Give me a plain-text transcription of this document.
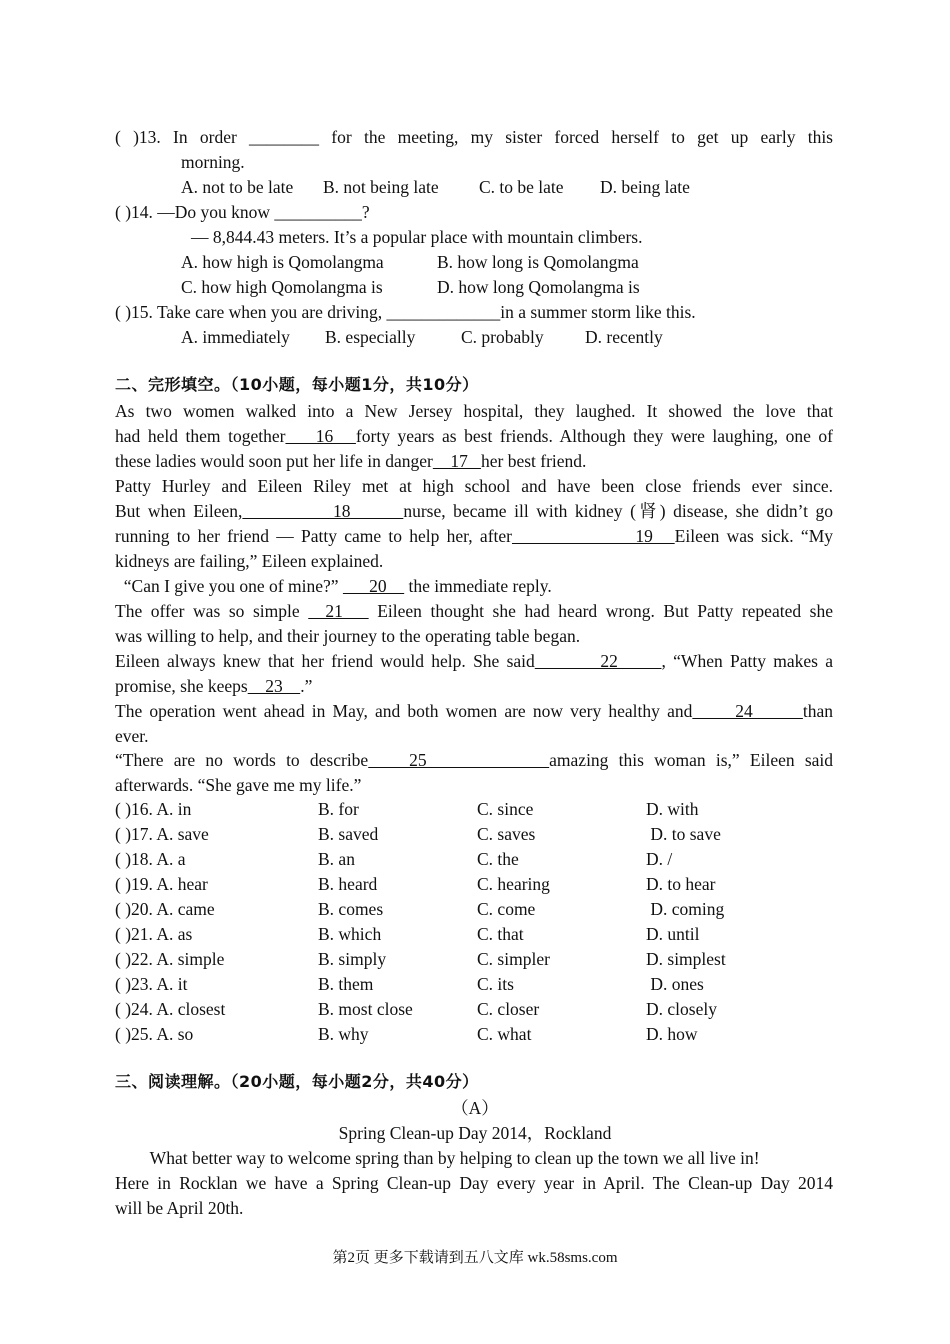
( )13. In order ________ for the meeting, my sister forced herself to get up early this
morning.
A. not to be late B. not being late C. to be late D. being late
( )14. —Do you know __________?
— 8,844.43 meters. It’s a popular place with mountain climbers.
A. how high is Qomolangma	B. how long is Qomolangma
C. how high Qomolangma is	D. how long Qomolangma is
( )15. Take care when you are driving, _____________in a summer storm like this.
A. immediately B. especially	C. probably D. recently
二、完形填空。（10小题，每小题1分，共10分）
As two women walked into a New Jersey hospital, they laughed. It showed the love that
had held them together    16   forty years as best friends. Although they were laughing, one of
these ladies would soon put her life in danger    17   her best friend.
Patty Hurley and Eileen Riley met at high school and have been close friends ever since.
But when Eileen,            18       nurse, became ill with kidney (肾) disease, she didn’t go
running to her friend — Patty came to help her, after                 19   Eileen was sick. “My
kidneys are failing,” Eileen explained.
“Can I give you one of mine?”       20     the immediate reply.
The offer was so simple   21    Eileen thought she had heard wrong. But Patty repeated she
was willing to help, and their journey to the operating table began.
Eileen always knew that her friend would help. She said         22      , “When Patty makes a
promise, she keeps    23    .”
The operation went ahead in May, and both women are now very healthy and      24       than
ever.
“There are no words to describe    25            amazing this woman is,” Eileen said
afterwards. “She gave me my life.”
( )16. A. in	B. for	C. since	D. with
( )17. A. save	B. saved	C. saves	D. to save
( )18. A. a	B. an	C. the	D. /
( )19. A. hear	B. heard	C. hearing	D. to hear
( )20. A. came	B. comes	C. come	D. coming
( )21. A. as	B. which	C. that	D. until
( )22. A. simple	B. simply	C. simpler	D. simplest
( )23. A. it	B. them	C. its	D. ones
( )24. A. closest	B. most close	C. closer	D. closely
( )25. A. so	B. why	C. what	D. how
三、阅读理解。（20小题，每小题2分，共40分）
（A）
Spring Clean-up Day 2014，Rockland
What better way to welcome spring than by helping to clean up the town we all live in!
Here in Rocklan we have a Spring Clean-up Day every year in April. The Clean-up Day 2014
will be April 20th.
第2页 更多下载请到五八文库 wk.58sms.com
